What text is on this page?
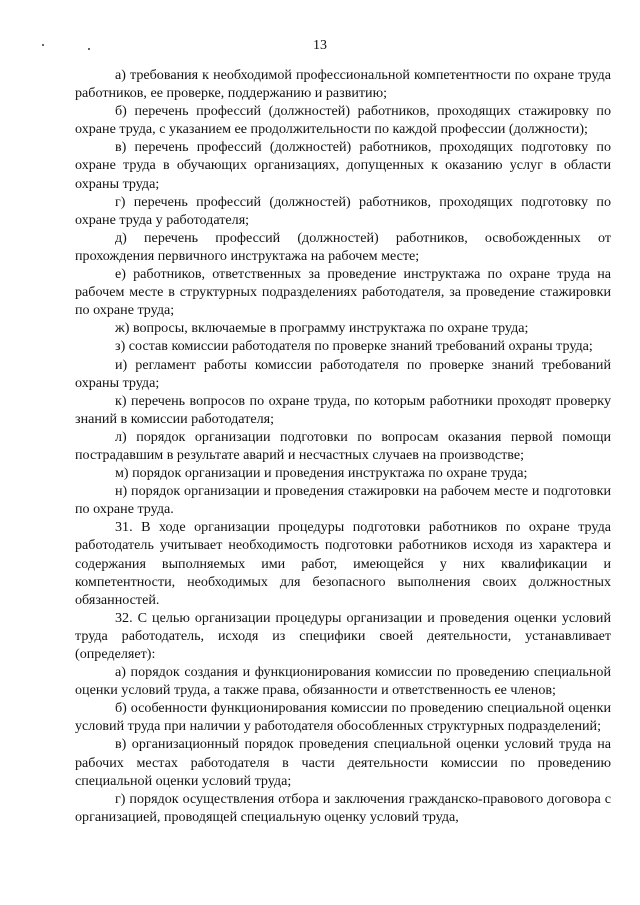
13

а) требования к необходимой профессиональной компетентности по охране труда работников, ее проверке, поддержанию и развитию;

б) перечень профессий (должностей) работников, проходящих стажировку по охране труда, с указанием ее продолжительности по каждой профессии (должности);

в) перечень профессий (должностей) работников, проходящих подготовку по охране труда в обучающих организациях, допущенных к оказанию услуг в области охраны труда;

г) перечень профессий (должностей) работников, проходящих подготовку по охране труда у работодателя;

д) перечень профессий (должностей) работников, освобожденных от прохождения первичного инструктажа на рабочем месте;

е) работников, ответственных за проведение инструктажа по охране труда на рабочем месте в структурных подразделениях работодателя, за проведение стажировки по охране труда;

ж) вопросы, включаемые в программу инструктажа по охране труда;

з) состав комиссии работодателя по проверке знаний требований охраны труда;

и) регламент работы комиссии работодателя по проверке знаний требований охраны труда;

к) перечень вопросов по охране труда, по которым работники проходят проверку знаний в комиссии работодателя;

л) порядок организации подготовки по вопросам оказания первой помощи пострадавшим в результате аварий и несчастных случаев на производстве;

м) порядок организации и проведения инструктажа по охране труда;

н) порядок организации и проведения стажировки на рабочем месте и подготовки по охране труда.

31. В ходе организации процедуры подготовки работников по охране труда работодатель учитывает необходимость подготовки работников исходя из характера и содержания выполняемых ими работ, имеющейся у них квалификации и компетентности, необходимых для безопасного выполнения своих должностных обязанностей.

32. С целью организации процедуры организации и проведения оценки условий труда работодатель, исходя из специфики своей деятельности, устанавливает (определяет):

а) порядок создания и функционирования комиссии по проведению специальной оценки условий труда, а также права, обязанности и ответственность ее членов;

б) особенности функционирования комиссии по проведению специальной оценки условий труда при наличии у работодателя обособленных структурных подразделений;

в) организационный порядок проведения специальной оценки условий труда на рабочих местах работодателя в части деятельности комиссии по проведению специальной оценки условий труда;

г) порядок осуществления отбора и заключения гражданско-правового договора с организацией, проводящей специальную оценку условий труда,
